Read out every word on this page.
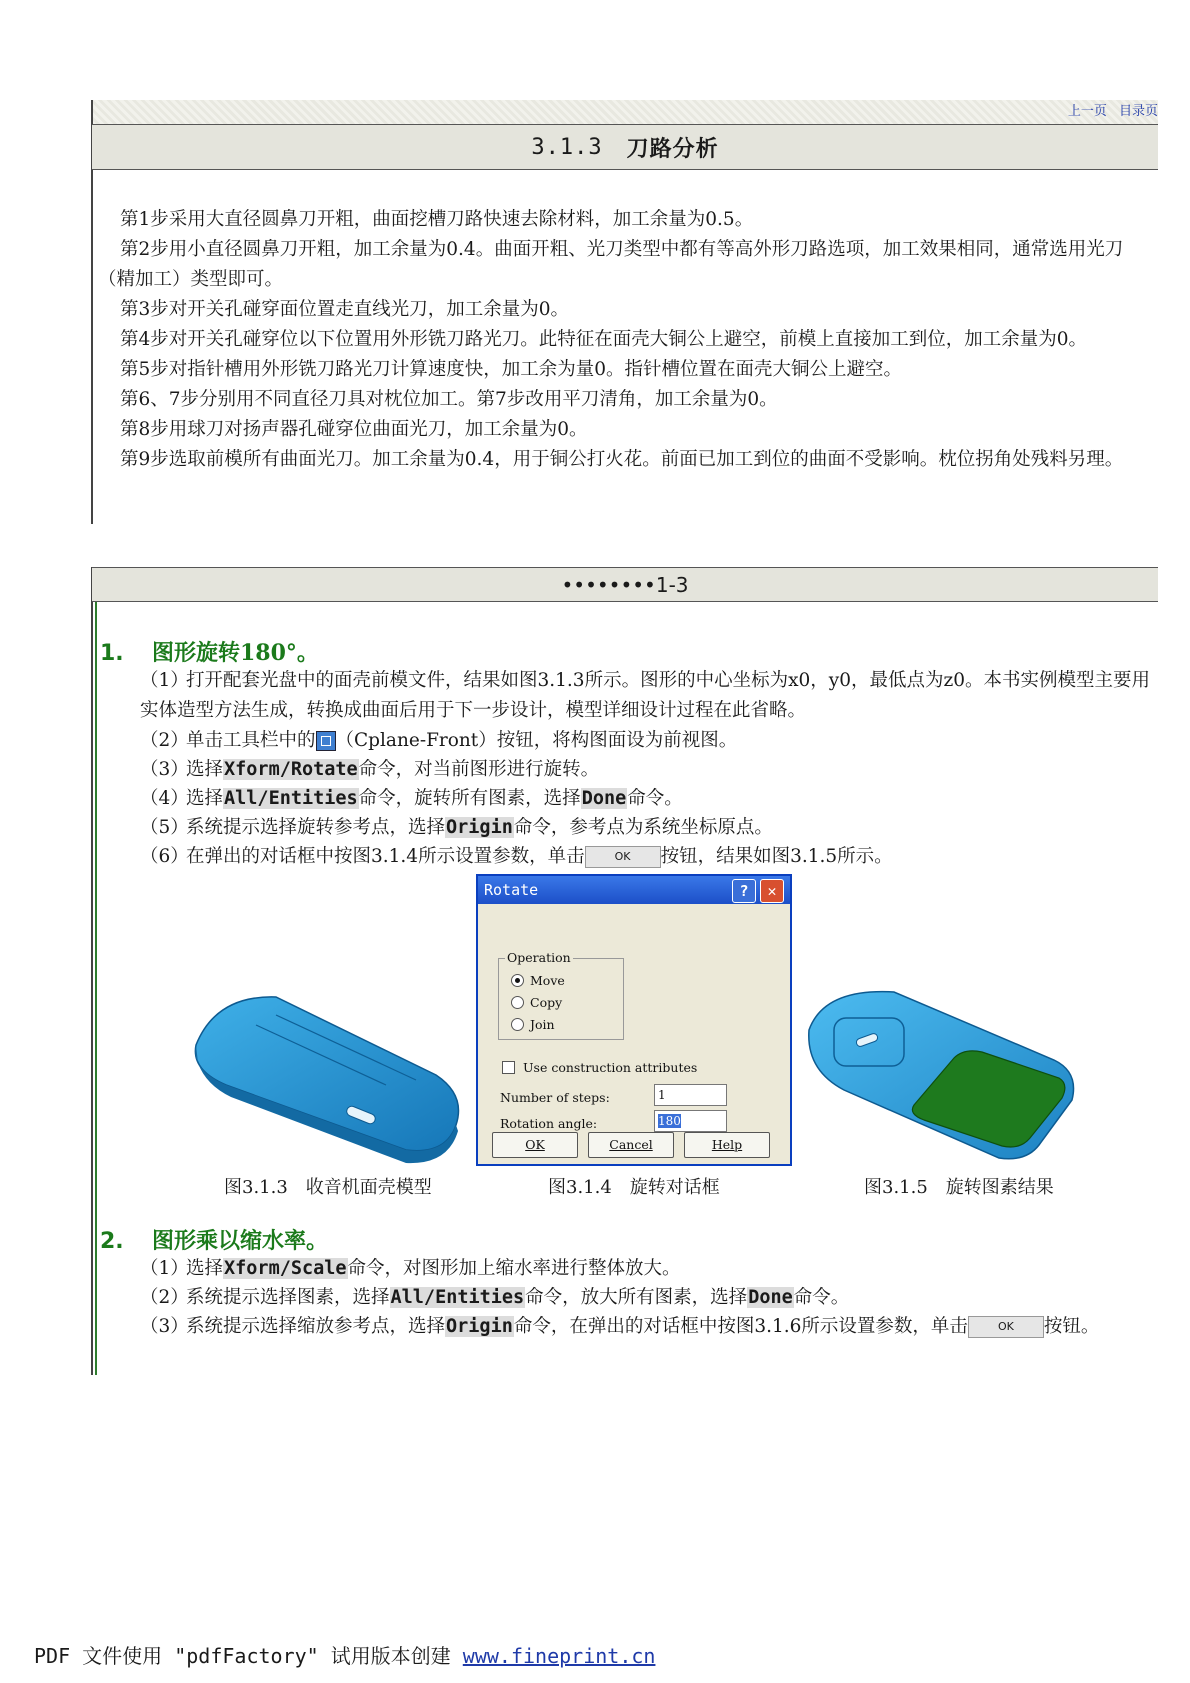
上一页 目录页
3.1.3 刀路分析
第1步采用大直径圆鼻刀开粗，曲面挖槽刀路快速去除材料，加工余量为0.5。
第2步用小直径圆鼻刀开粗，加工余量为0.4。曲面开粗、光刀类型中都有等高外形刀路选项，加工效果相同，通常选用光刀（精加工）类型即可。
第3步对开关孔碰穿面位置走直线光刀，加工余量为0。
第4步对开关孔碰穿位以下位置用外形铣刀路光刀。此特征在面壳大铜公上避空，前模上直接加工到位，加工余量为0。
第5步对指针槽用外形铣刀路光刀计算速度快，加工余为量0。指针槽位置在面壳大铜公上避空。
第6、7步分别用不同直径刀具对枕位加工。第7步改用平刀清角，加工余量为0。
第8步用球刀对扬声器孔碰穿位曲面光刀，加工余量为0。
第9步选取前模所有曲面光刀。加工余量为0.4，用于铜公打火花。前面已加工到位的曲面不受影响。枕位拐角处残料另理。
••••••••1-3
1. 图形旋转180°。
（1）打开配套光盘中的面壳前模文件，结果如图3.1.3所示。图形的中心坐标为x0，y0，最低点为z0。本书实例模型主要用实体造型方法生成，转换成曲面后用于下一步设计，模型详细设计过程在此省略。
（2）单击工具栏中的 （Cplane-Front）按钮，将构图面设为前视图。
（3）选择Xform/Rotate命令，对当前图形进行旋转。
（4）选择All/Entities命令，旋转所有图素，选择Done命令。
（5）系统提示选择旋转参考点，选择Origin命令，参考点为系统坐标原点。
（6）在弹出的对话框中按图3.1.4所示设置参数，单击	OK 按钮，结果如图3.1.5所示。
Rotate	?	✕
Operation
Move
Copy
Join
Use construction attributes
Number of steps:	1
Rotation angle:	180
OK	Cancel	Help
图3.1.3　收音机面壳模型	图3.1.4　旋转对话框	图3.1.5　旋转图素结果
2. 图形乘以缩水率。
（1）选择Xform/Scale命令，对图形加上缩水率进行整体放大。
（2）系统提示选择图素，选择All/Entities命令，放大所有图素，选择Done命令。
（3）系统提示选择缩放参考点，选择Origin命令，在弹出的对话框中按图3.1.6所示设置参数，单击	OK 按钮。
PDF 文件使用 "pdfFactory" 试用版本创建 www.fineprint.cn
